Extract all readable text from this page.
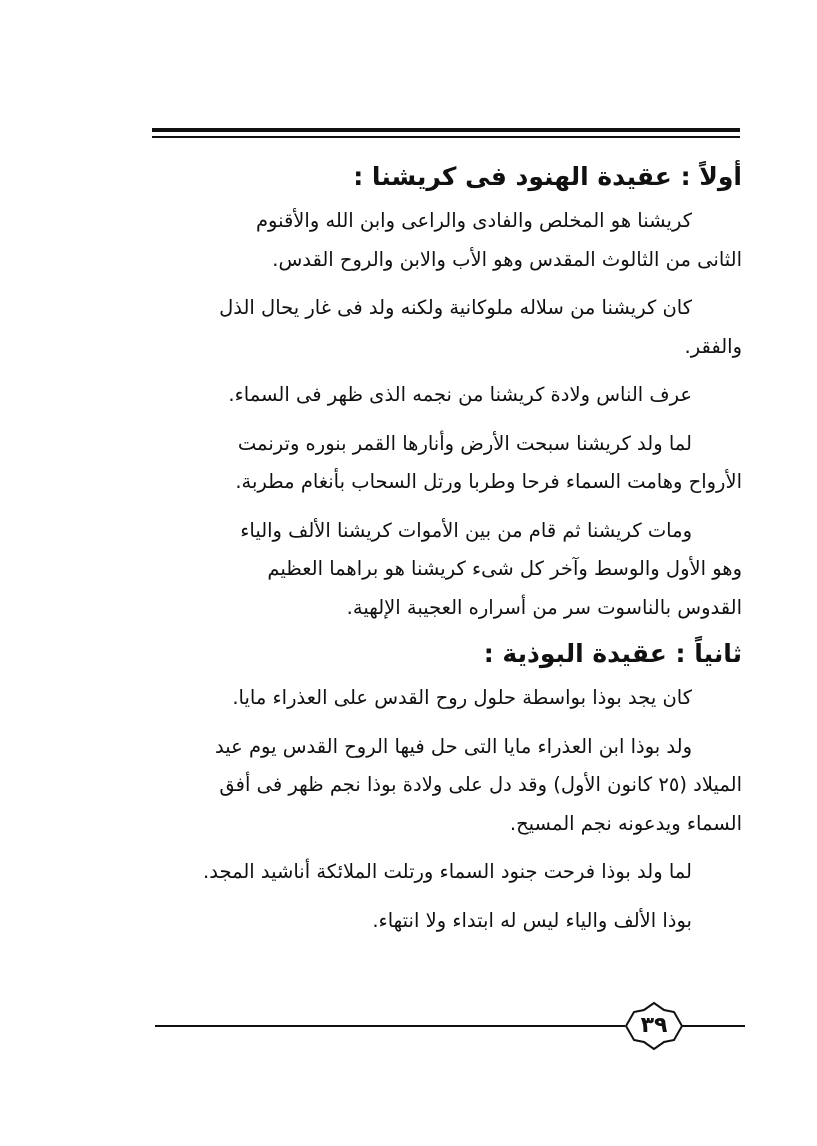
أولاً : عقيدة الهنود فى كريشنا :
كريشنا هو المخلص والفادى والراعى وابن الله والأقنوم
الثانى من الثالوث المقدس وهو الأب والابن والروح القدس.
كان كريشنا من سلاله ملوكانية ولكنه ولد فى غار يحال الذل
والفقر.
عرف الناس ولادة كريشنا من نجمه الذى ظهر فى السماء.
لما ولد كريشنا سبحت الأرض وأنارها القمر بنوره وترنمت
الأرواح وهامت السماء فرحا وطربا ورتل السحاب بأنغام مطربة.
ومات كريشنا ثم قام من بين الأموات كريشنا الألف والياء
وهو الأول والوسط وآخر كل شىء كريشنا هو براهما العظيم
القدوس بالناسوت سر من أسراره العجيبة الإلهية.
ثانياً : عقيدة البوذية :
كان يجد بوذا بواسطة حلول روح القدس على العذراء مايا.
ولد بوذا ابن العذراء مايا التى حل فيها الروح القدس يوم عيد
الميلاد (٢٥ كانون الأول) وقد دل على ولادة بوذا نجم ظهر فى أفق
السماء ويدعونه نجم المسيح.
لما ولد بوذا فرحت جنود السماء ورتلت الملائكة أناشيد المجد.
بوذا الألف والياء ليس له ابتداء ولا انتهاء.
٣٩
